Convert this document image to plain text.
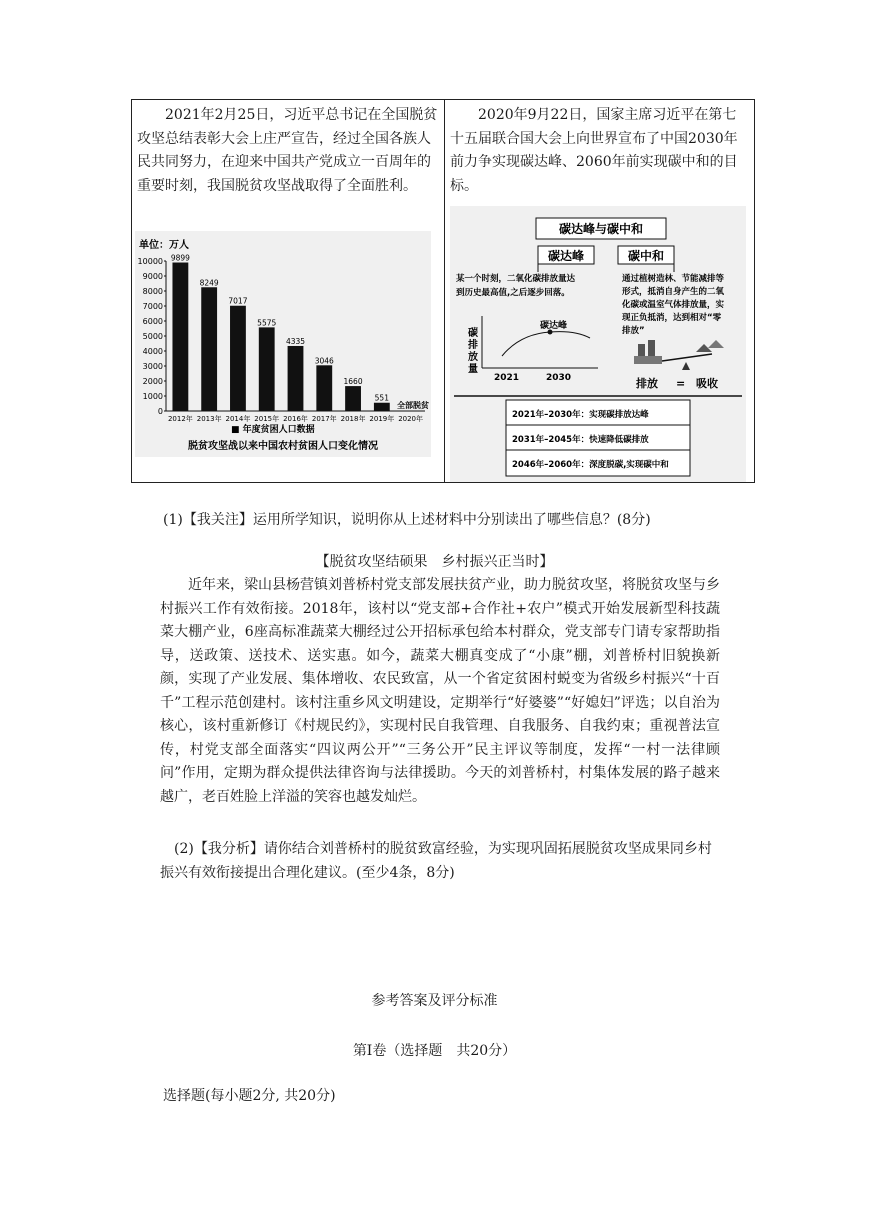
2021年2月25日，习近平总书记在全国脱贫攻坚总结表彰大会上庄严宣告，经过全国各族人民共同努力，在迎来中国共产党成立一百周年的重要时刻，我国脱贫攻坚战取得了全面胜利。
2020年9月22日，国家主席习近平在第七十五届联合国大会上向世界宣布了中国2030年前力争实现碳达峰、2060年前实现碳中和的目标。
单位：万人
0
1000
2000
3000
4000
5000
6000
7000
8000
9000
10000 9899
2012年
8249
2013年
7017
2014年
5575
2015年
4335
2016年
3046
2017年
1660
2018年
551
2019年 2020年
全部脱贫
■ 年度贫困人口数据
脱贫攻坚战以来中国农村贫困人口变化情况
碳达峰与碳中和
碳达峰	碳中和
某一个时刻，二氧化碳排放量达
到历史最高值,之后逐步回落。
通过植树造林、节能减排等
形式，抵消自身产生的二氧
化碳或温室气体排放量，实
现正负抵消，达到相对“零
排放”
碳
排
放
量
碳达峰
2021	2030	排放 = 吸收
2021年–2030年：实现碳排放达峰
2031年–2045年：快速降低碳排放
2046年–2060年：深度脱碳,实现碳中和
(1)【我关注】运用所学知识，说明你从上述材料中分别读出了哪些信息？(8分)
【脱贫攻坚结硕果　乡村振兴正当时】
近年来，梁山县杨营镇刘普桥村党支部发展扶贫产业，助力脱贫攻坚，将脱贫攻坚与乡村振兴工作有效衔接。2018年，该村以“党支部+合作社+农户”模式开始发展新型科技蔬菜大棚产业，6座高标准蔬菜大棚经过公开招标承包给本村群众，党支部专门请专家帮助指导，送政策、送技术、送实惠。如今，蔬菜大棚真变成了“小康”棚，刘普桥村旧貌换新颜，实现了产业发展、集体增收、农民致富，从一个省定贫困村蜕变为省级乡村振兴“十百千”工程示范创建村。该村注重乡风文明建设，定期举行“好婆婆”“好媳妇”评选；以自治为核心，该村重新修订《村规民约》，实现村民自我管理、自我服务、自我约束；重视普法宣传，村党支部全面落实“四议两公开”“三务公开”民主评议等制度，发挥“一村一法律顾问”作用，定期为群众提供法律咨询与法律援助。今天的刘普桥村，村集体发展的路子越来越广，老百姓脸上洋溢的笑容也越发灿烂。
(2)【我分析】请你结合刘普桥村的脱贫致富经验，为实现巩固拓展脱贫攻坚成果同乡村振兴有效衔接提出合理化建议。(至少4条，8分)
参考答案及评分标准
第Ⅰ卷（选择题　共20分）
选择题(每小题2分, 共20分)
